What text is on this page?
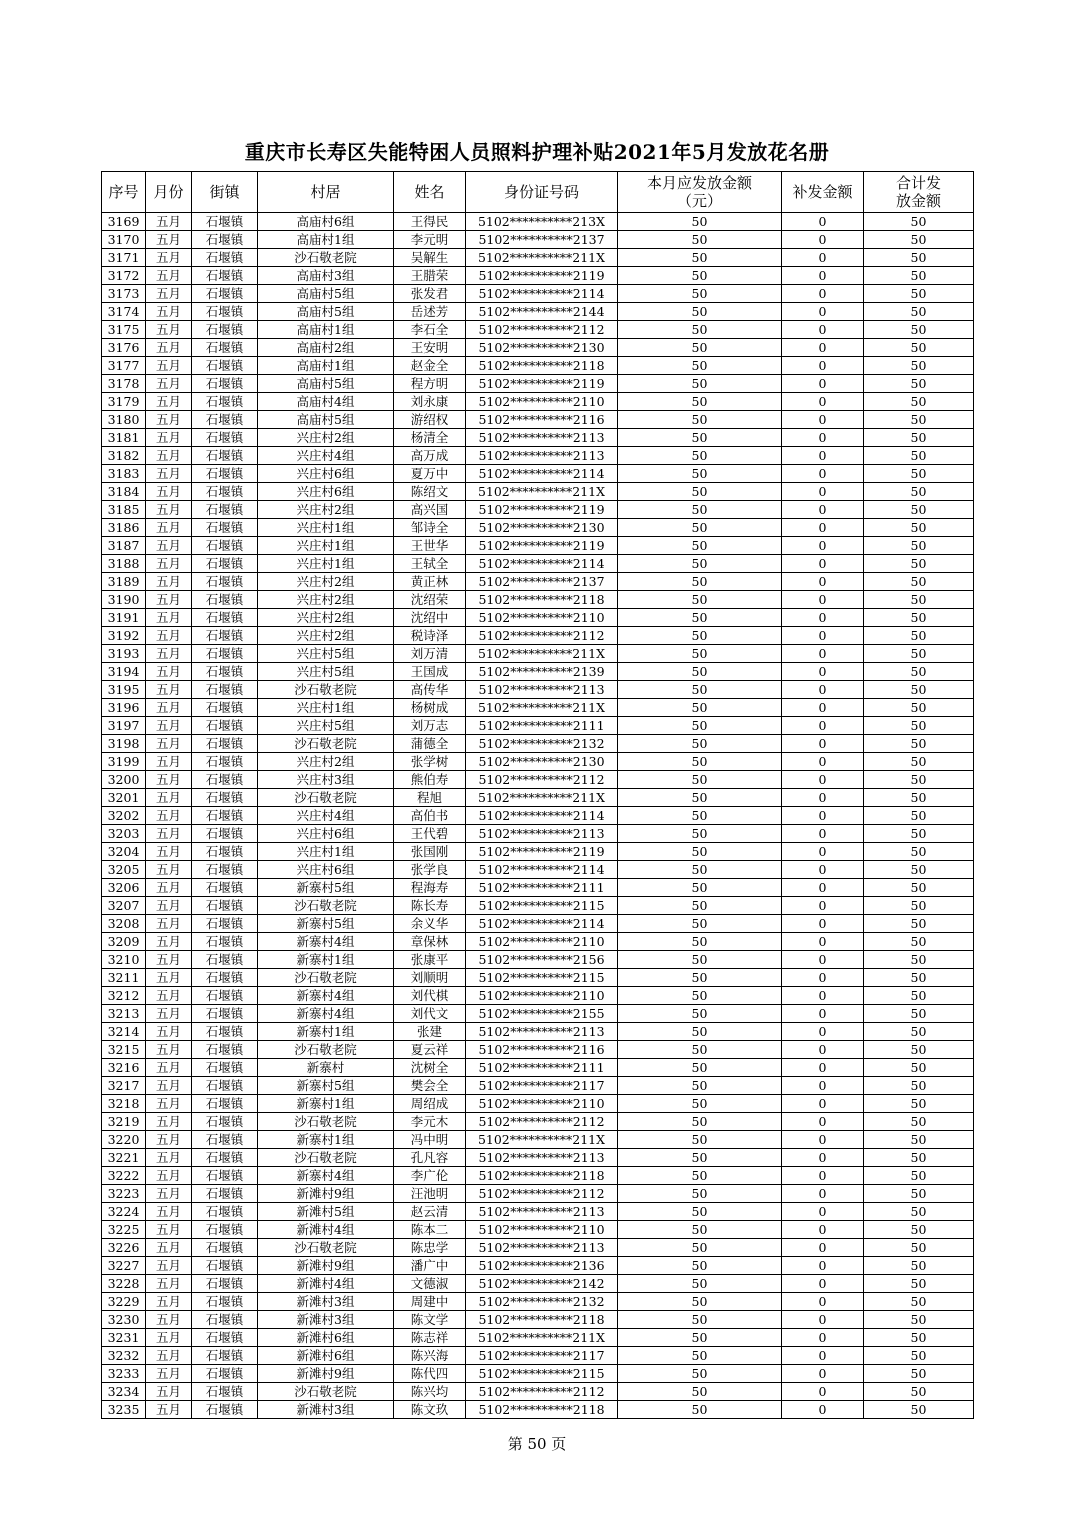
重庆市长寿区失能特困人员照料护理补贴2021年5月发放花名册
序号	月份	街镇	村居	姓名	身份证号码	本月应发放金额（元）	补发金额	合计发放金额
3169	五月	石堰镇	高庙村6组	王得民	5102**********213X	50	0	50
3170	五月	石堰镇	高庙村1组	李元明	5102**********2137	50	0	50
3171	五月	石堰镇	沙石敬老院	吴解生	5102**********211X	50	0	50
3172	五月	石堰镇	高庙村3组	王腊荣	5102**********2119	50	0	50
3173	五月	石堰镇	高庙村5组	张发君	5102**********2114	50	0	50
3174	五月	石堰镇	高庙村5组	岳述芳	5102**********2144	50	0	50
3175	五月	石堰镇	高庙村1组	李石全	5102**********2112	50	0	50
3176	五月	石堰镇	高庙村2组	王安明	5102**********2130	50	0	50
3177	五月	石堰镇	高庙村1组	赵金全	5102**********2118	50	0	50
3178	五月	石堰镇	高庙村5组	程方明	5102**********2119	50	0	50
3179	五月	石堰镇	高庙村4组	刘永康	5102**********2110	50	0	50
3180	五月	石堰镇	高庙村5组	游绍权	5102**********2116	50	0	50
3181	五月	石堰镇	兴庄村2组	杨清全	5102**********2113	50	0	50
3182	五月	石堰镇	兴庄村4组	高万成	5102**********2113	50	0	50
3183	五月	石堰镇	兴庄村6组	夏万中	5102**********2114	50	0	50
3184	五月	石堰镇	兴庄村6组	陈绍文	5102**********211X	50	0	50
3185	五月	石堰镇	兴庄村2组	高兴国	5102**********2119	50	0	50
3186	五月	石堰镇	兴庄村1组	邹诗全	5102**********2130	50	0	50
3187	五月	石堰镇	兴庄村1组	王世华	5102**********2119	50	0	50
3188	五月	石堰镇	兴庄村1组	王轼全	5102**********2114	50	0	50
3189	五月	石堰镇	兴庄村2组	黄正林	5102**********2137	50	0	50
3190	五月	石堰镇	兴庄村2组	沈绍荣	5102**********2118	50	0	50
3191	五月	石堰镇	兴庄村2组	沈绍中	5102**********2110	50	0	50
3192	五月	石堰镇	兴庄村2组	税诗泽	5102**********2112	50	0	50
3193	五月	石堰镇	兴庄村5组	刘万清	5102**********211X	50	0	50
3194	五月	石堰镇	兴庄村5组	王国成	5102**********2139	50	0	50
3195	五月	石堰镇	沙石敬老院	高传华	5102**********2113	50	0	50
3196	五月	石堰镇	兴庄村1组	杨树成	5102**********211X	50	0	50
3197	五月	石堰镇	兴庄村5组	刘万志	5102**********2111	50	0	50
3198	五月	石堰镇	沙石敬老院	蒲德全	5102**********2132	50	0	50
3199	五月	石堰镇	兴庄村2组	张学树	5102**********2130	50	0	50
3200	五月	石堰镇	兴庄村3组	熊伯寿	5102**********2112	50	0	50
3201	五月	石堰镇	沙石敬老院	程旭	5102**********211X	50	0	50
3202	五月	石堰镇	兴庄村4组	高伯书	5102**********2114	50	0	50
3203	五月	石堰镇	兴庄村6组	王代碧	5102**********2113	50	0	50
3204	五月	石堰镇	兴庄村1组	张国刚	5102**********2119	50	0	50
3205	五月	石堰镇	兴庄村6组	张学良	5102**********2114	50	0	50
3206	五月	石堰镇	新寨村5组	程海寿	5102**********2111	50	0	50
3207	五月	石堰镇	沙石敬老院	陈长寿	5102**********2115	50	0	50
3208	五月	石堰镇	新寨村5组	余义华	5102**********2114	50	0	50
3209	五月	石堰镇	新寨村4组	章保林	5102**********2110	50	0	50
3210	五月	石堰镇	新寨村1组	张康平	5102**********2156	50	0	50
3211	五月	石堰镇	沙石敬老院	刘顺明	5102**********2115	50	0	50
3212	五月	石堰镇	新寨村4组	刘代棋	5102**********2110	50	0	50
3213	五月	石堰镇	新寨村4组	刘代文	5102**********2155	50	0	50
3214	五月	石堰镇	新寨村1组	张建	5102**********2113	50	0	50
3215	五月	石堰镇	沙石敬老院	夏云祥	5102**********2116	50	0	50
3216	五月	石堰镇	新寨村	沈树全	5102**********2111	50	0	50
3217	五月	石堰镇	新寨村5组	樊会全	5102**********2117	50	0	50
3218	五月	石堰镇	新寨村1组	周绍成	5102**********2110	50	0	50
3219	五月	石堰镇	沙石敬老院	李元木	5102**********2112	50	0	50
3220	五月	石堰镇	新寨村1组	冯中明	5102**********211X	50	0	50
3221	五月	石堰镇	沙石敬老院	孔凡容	5102**********2113	50	0	50
3222	五月	石堰镇	新寨村4组	李广伦	5102**********2118	50	0	50
3223	五月	石堰镇	新滩村9组	汪池明	5102**********2112	50	0	50
3224	五月	石堰镇	新滩村5组	赵云清	5102**********2113	50	0	50
3225	五月	石堰镇	新滩村4组	陈本二	5102**********2110	50	0	50
3226	五月	石堰镇	沙石敬老院	陈忠学	5102**********2113	50	0	50
3227	五月	石堰镇	新滩村9组	潘广中	5102**********2136	50	0	50
3228	五月	石堰镇	新滩村4组	文德淑	5102**********2142	50	0	50
3229	五月	石堰镇	新滩村3组	周建中	5102**********2132	50	0	50
3230	五月	石堰镇	新滩村3组	陈文学	5102**********2118	50	0	50
3231	五月	石堰镇	新滩村6组	陈志祥	5102**********211X	50	0	50
3232	五月	石堰镇	新滩村6组	陈兴海	5102**********2117	50	0	50
3233	五月	石堰镇	新滩村9组	陈代四	5102**********2115	50	0	50
3234	五月	石堰镇	沙石敬老院	陈兴均	5102**********2112	50	0	50
3235	五月	石堰镇	新滩村3组	陈文玖	5102**********2118	50	0	50
第 50 页
